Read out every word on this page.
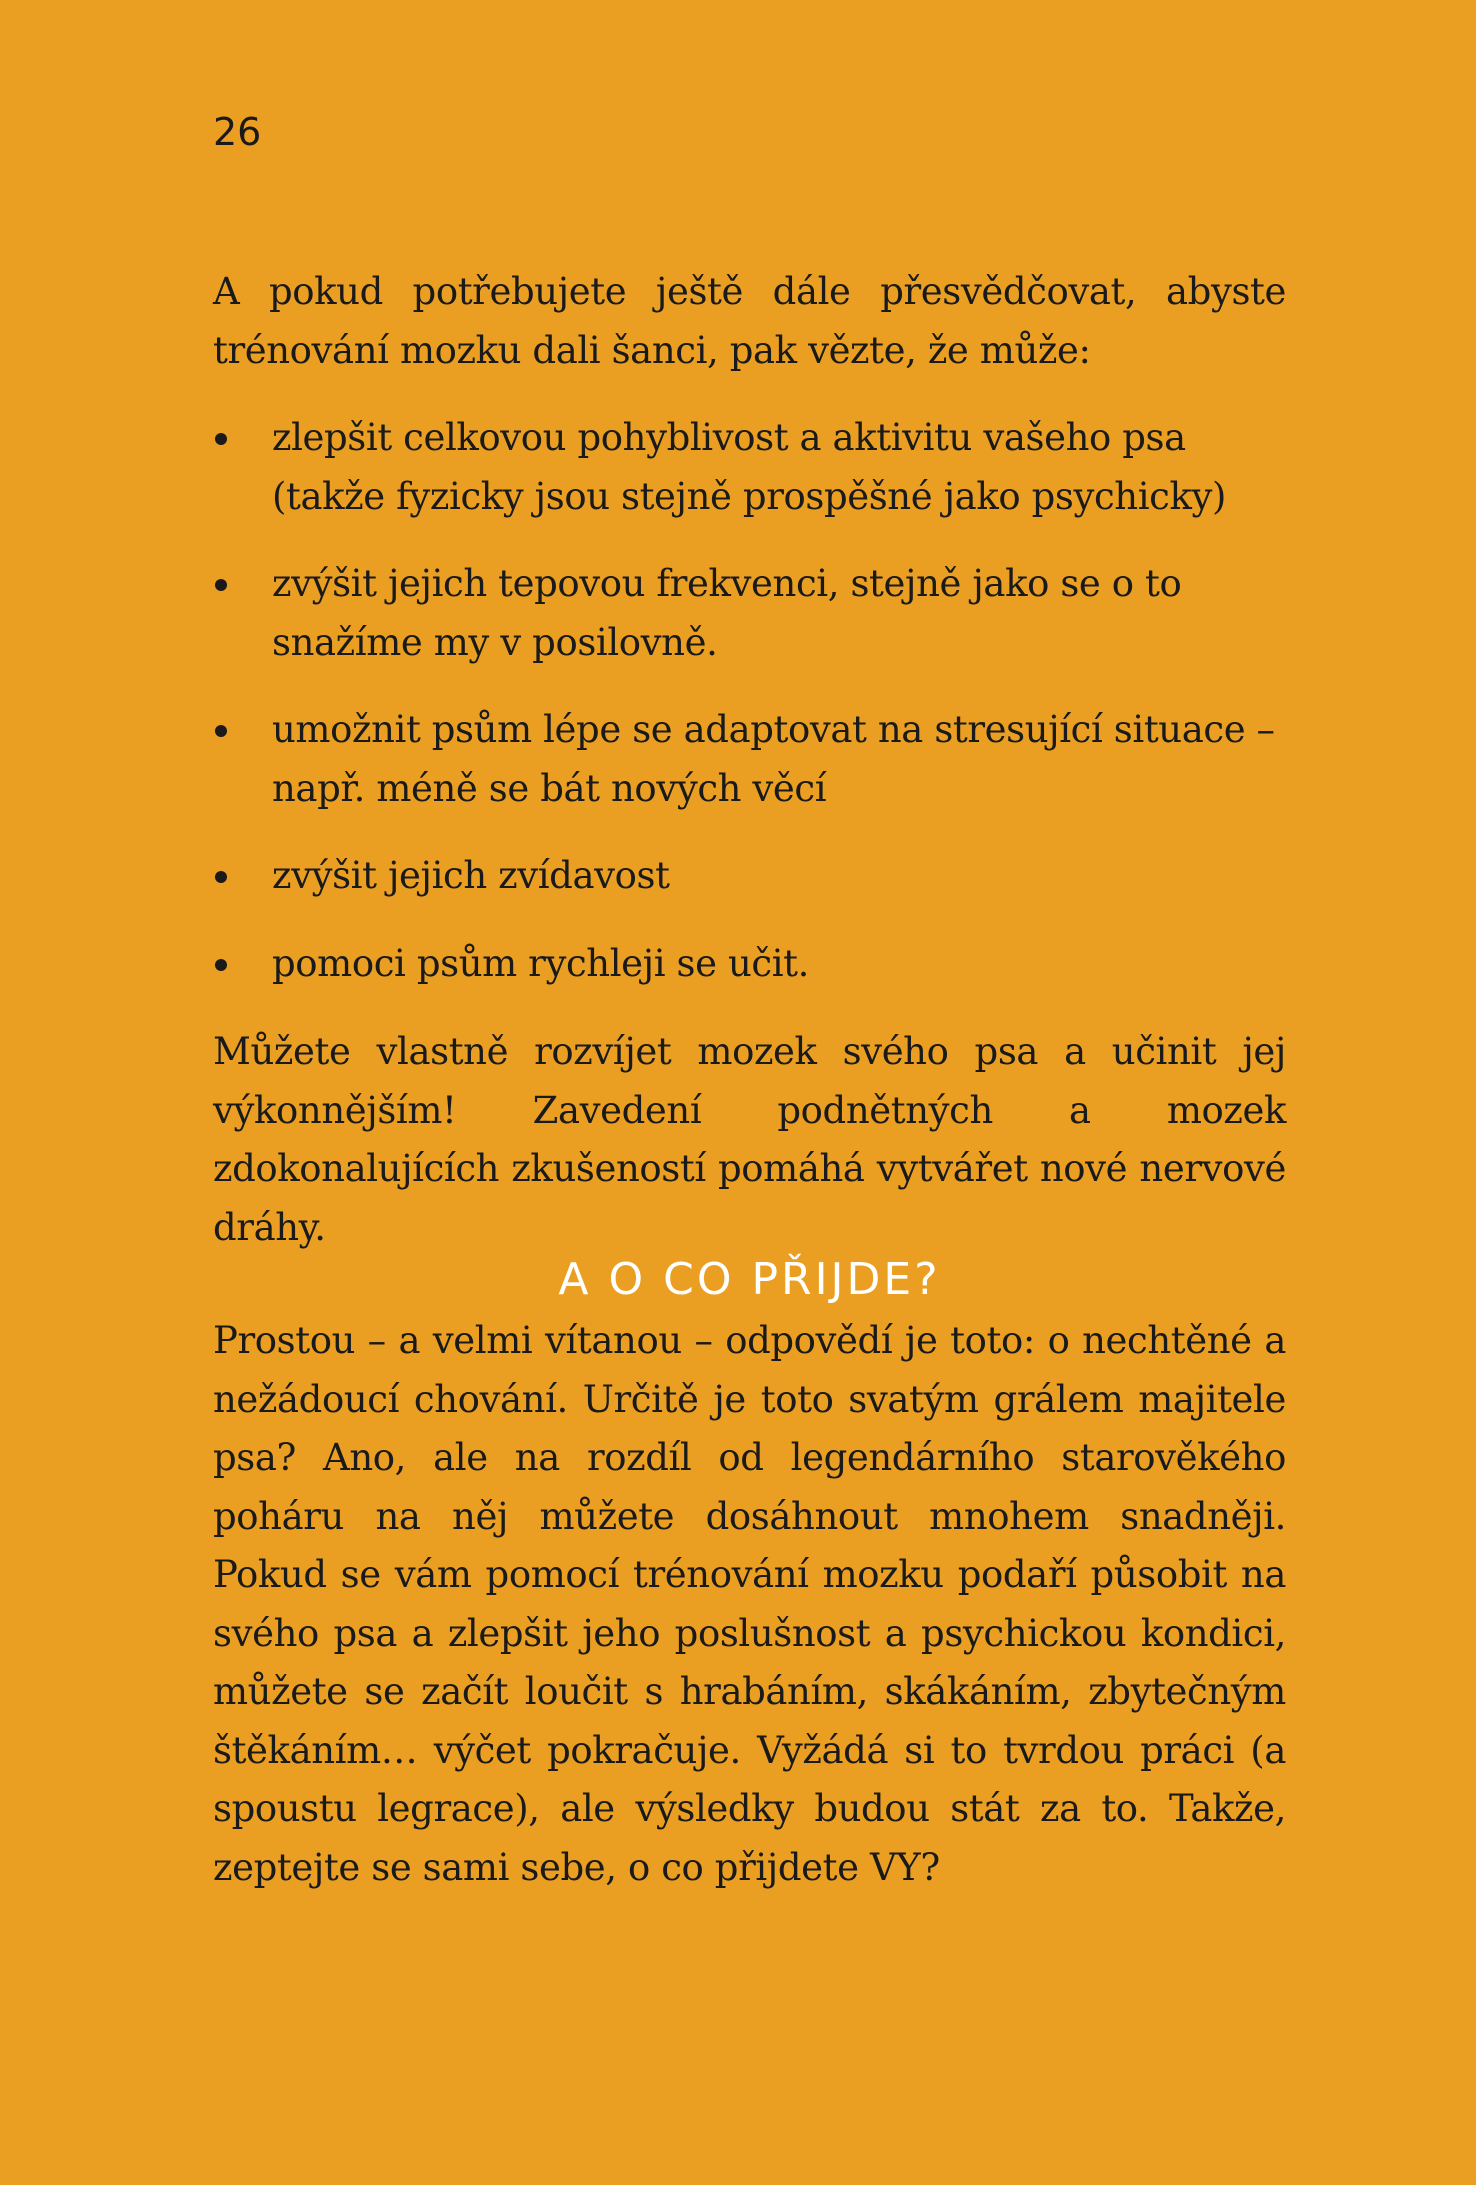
26

A pokud potřebujete ještě dále přesvědčovat, abyste trénování mozku dali šanci, pak vězte, že může:

zlepšit celkovou pohyblivost a aktivitu vašeho psa (takže fyzicky jsou stejně prospěšné jako psychicky)
zvýšit jejich tepovou frekvenci, stejně jako se o to snažíme my v posilovně.
umožnit psům lépe se adaptovat na stresující situace – např. méně se bát nových věcí
zvýšit jejich zvídavost
pomoci psům rychleji se učit.

Můžete vlastně rozvíjet mozek svého psa a učinit jej výkonnějším! Zavedení podnětných a mozek zdokonalujících zkušeností pomáhá vytvářet nové nervové dráhy.

A O CO PŘIJDE?

Prostou – a velmi vítanou – odpovědí je toto: o nechtěné a nežádoucí chování. Určitě je toto svatým grálem majitele psa? Ano, ale na rozdíl od legendárního starověkého poháru na něj můžete dosáhnout mnohem snadněji. Pokud se vám pomocí trénování mozku podaří působit na svého psa a zlepšit jeho poslušnost a psychickou kondici, můžete se začít loučit s hrabáním, skákáním, zbytečným štěkáním… výčet pokračuje. Vyžádá si to tvrdou práci (a spoustu legrace), ale výsledky budou stát za to. Takže, zeptejte se sami sebe, o co přijdete VY?
